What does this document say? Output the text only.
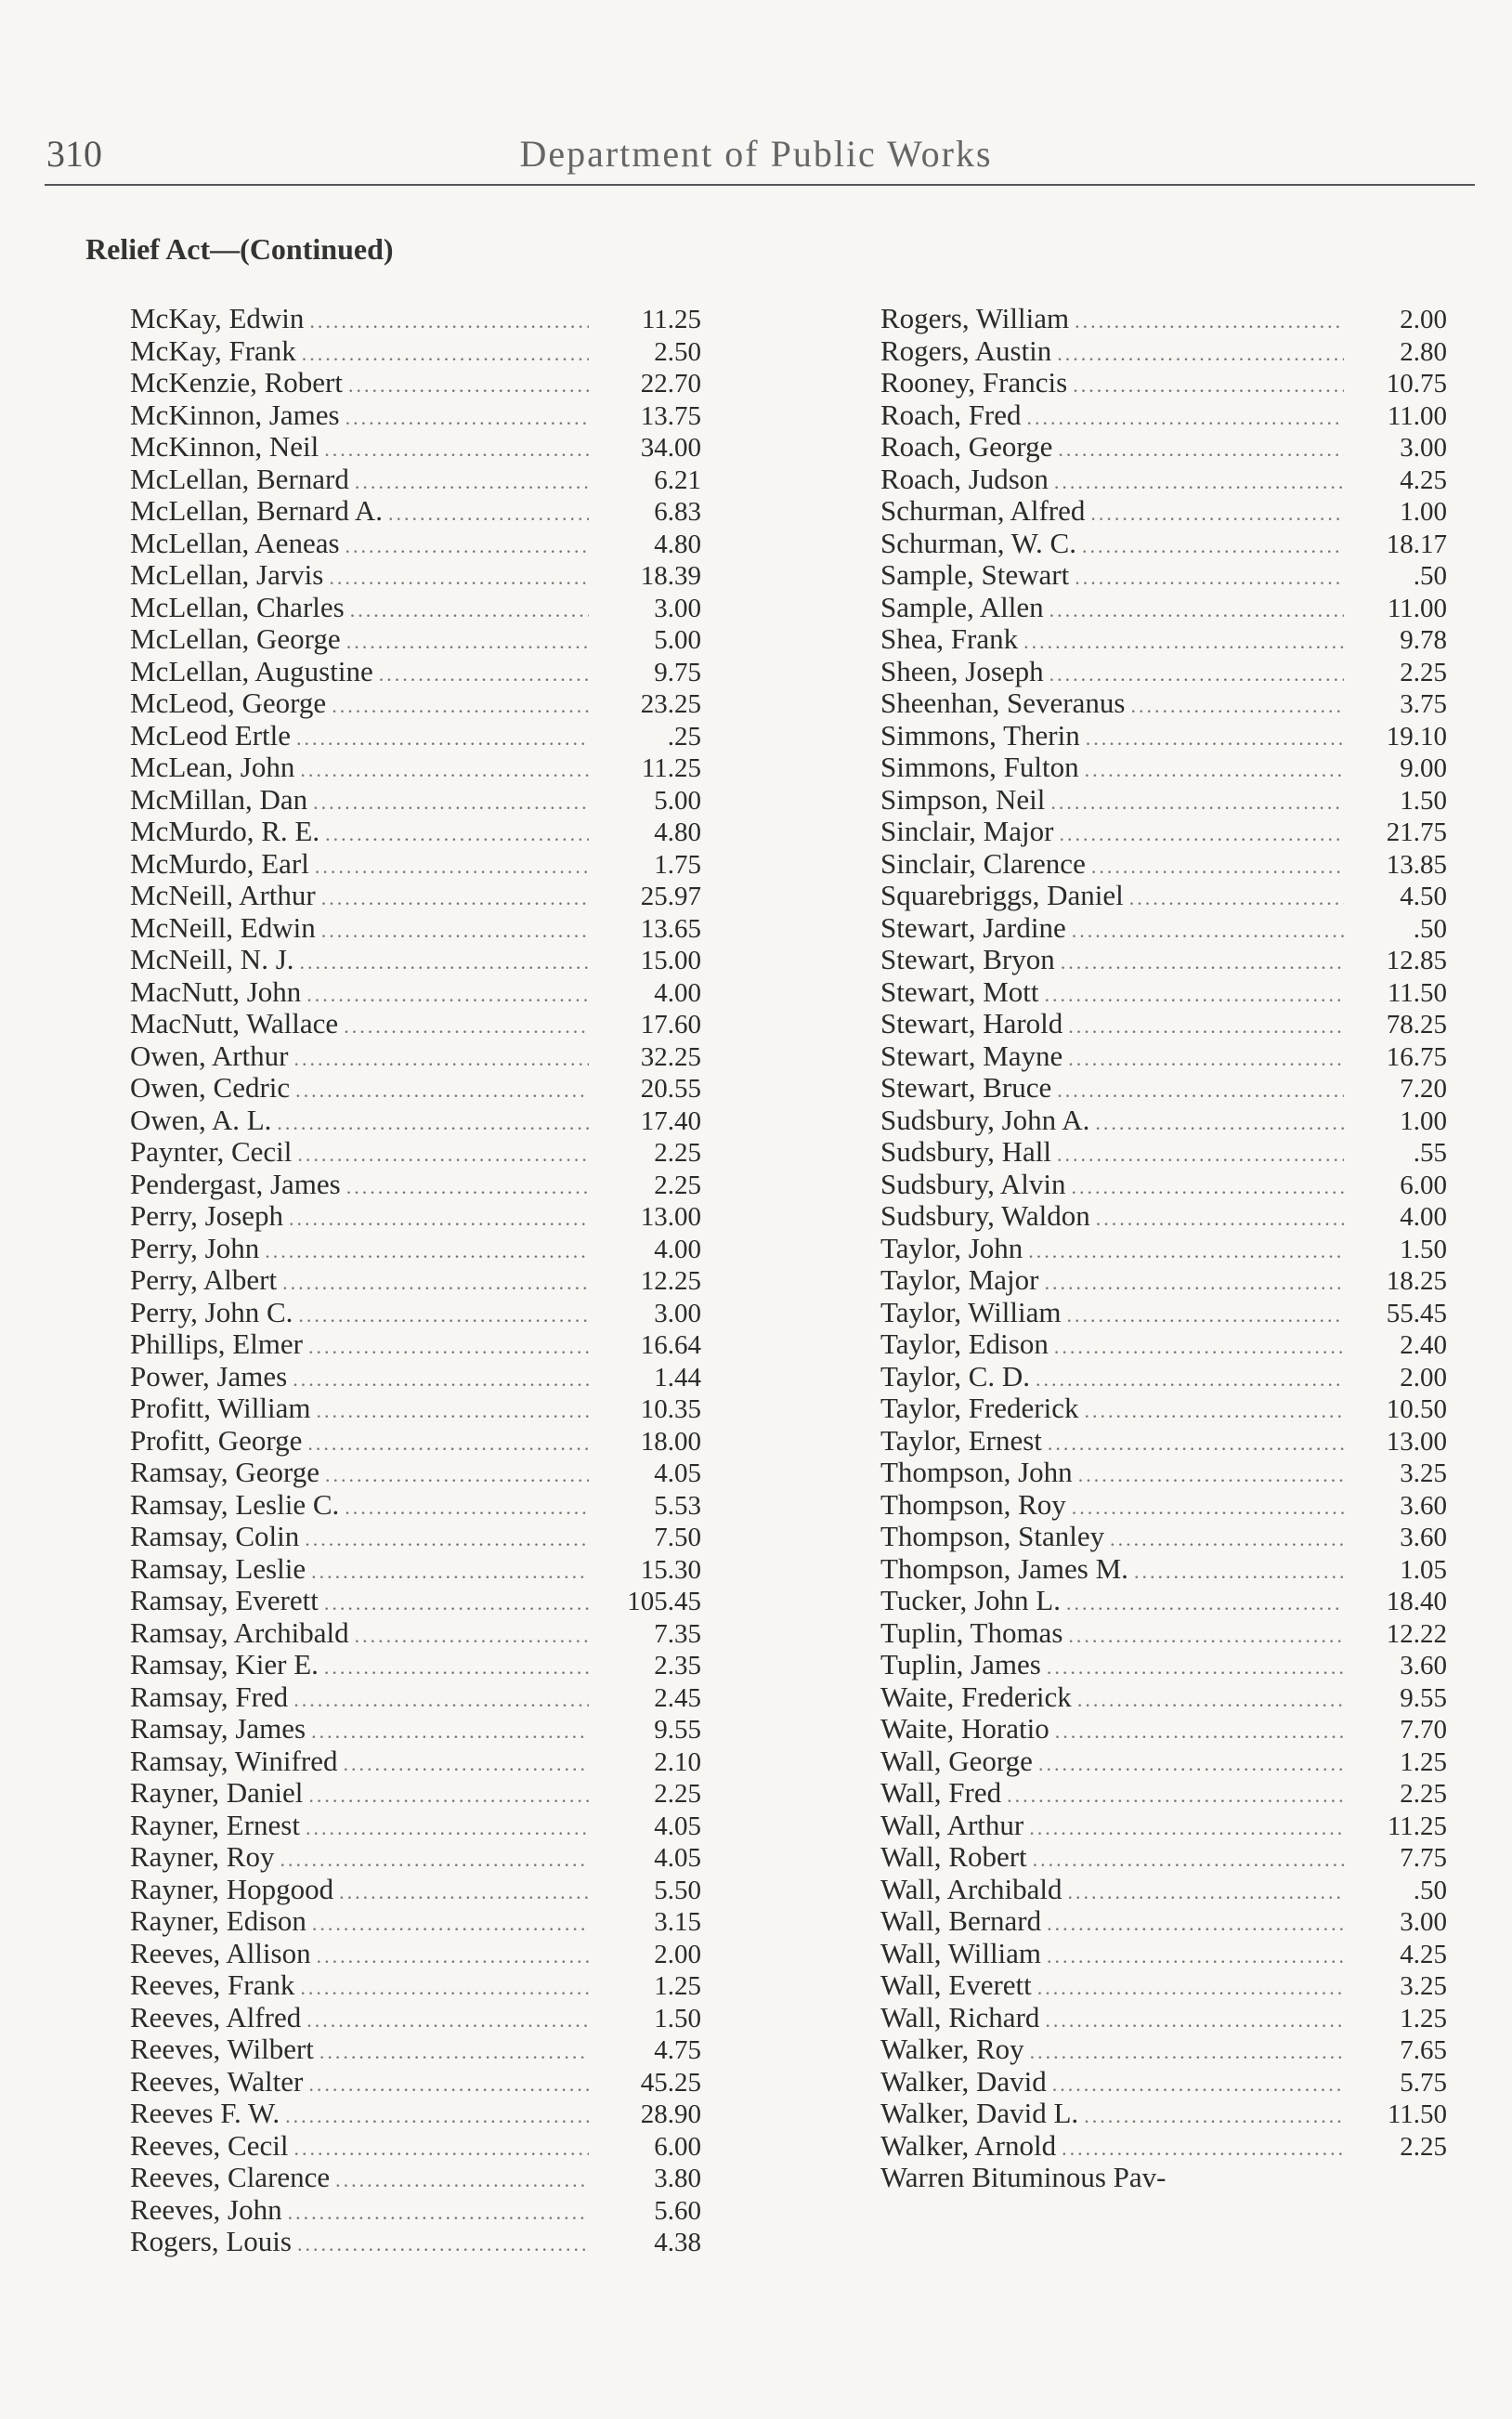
310	Department of Public Works
Relief Act—(Continued)
McKay, Edwin .....	11.25
McKay, Frank .....	2.50
McKenzie, Robert .....	22.70
McKinnon, James .....	13.75
McKinnon, Neil .....	34.00
McLellan, Bernard .....	6.21
McLellan, Bernard A. .....	6.83
McLellan, Aeneas .....	4.80
McLellan, Jarvis .....	18.39
McLellan, Charles .....	3.00
McLellan, George .....	5.00
McLellan, Augustine .....	9.75
McLeod, George .....	23.25
McLeod Ertle .....	.25
McLean, John .....	11.25
McMillan, Dan .....	5.00
McMurdo, R. E. .....	4.80
McMurdo, Earl .....	1.75
McNeill, Arthur .....	25.97
McNeill, Edwin .....	13.65
McNeill, N. J. .....	15.00
MacNutt, John .....	4.00
MacNutt, Wallace .....	17.60
Owen, Arthur .....	32.25
Owen, Cedric .....	20.55
Owen, A. L. .....	17.40
Paynter, Cecil .....	2.25
Pendergast, James .....	2.25
Perry, Joseph .....	13.00
Perry, John .....	4.00
Perry, Albert .....	12.25
Perry, John C. .....	3.00
Phillips, Elmer .....	16.64
Power, James .....	1.44
Profitt, William .....	10.35
Profitt, George .....	18.00
Ramsay, George .....	4.05
Ramsay, Leslie C. .....	5.53
Ramsay, Colin .....	7.50
Ramsay, Leslie .....	15.30
Ramsay, Everett .....	105.45
Ramsay, Archibald .....	7.35
Ramsay, Kier E. .....	2.35
Ramsay, Fred .....	2.45
Ramsay, James .....	9.55
Ramsay, Winifred .....	2.10
Rayner, Daniel .....	2.25
Rayner, Ernest .....	4.05
Rayner, Roy .....	4.05
Rayner, Hopgood .....	5.50
Rayner, Edison .....	3.15
Reeves, Allison .....	2.00
Reeves, Frank .....	1.25
Reeves, Alfred .....	1.50
Reeves, Wilbert .....	4.75
Reeves, Walter .....	45.25
Reeves F. W. .....	28.90
Reeves, Cecil .....	6.00
Reeves, Clarence .....	3.80
Reeves, John .....	5.60
Rogers, Louis .....	4.38
Rogers, William .....	2.00
Rogers, Austin .....	2.80
Rooney, Francis .....	10.75
Roach, Fred .....	11.00
Roach, George .....	3.00
Roach, Judson .....	4.25
Schurman, Alfred .....	1.00
Schurman, W. C. .....	18.17
Sample, Stewart .....	.50
Sample, Allen .....	11.00
Shea, Frank .....	9.78
Sheen, Joseph .....	2.25
Sheenhan, Severanus .....	3.75
Simmons, Therin .....	19.10
Simmons, Fulton .....	9.00
Simpson, Neil .....	1.50
Sinclair, Major .....	21.75
Sinclair, Clarence .....	13.85
Squarebriggs, Daniel .....	4.50
Stewart, Jardine .....	.50
Stewart, Bryon .....	12.85
Stewart, Mott .....	11.50
Stewart, Harold .....	78.25
Stewart, Mayne .....	16.75
Stewart, Bruce .....	7.20
Sudsbury, John A. .....	1.00
Sudsbury, Hall .....	.55
Sudsbury, Alvin .....	6.00
Sudsbury, Waldon .....	4.00
Taylor, John .....	1.50
Taylor, Major .....	18.25
Taylor, William .....	55.45
Taylor, Edison .....	2.40
Taylor, C. D. .....	2.00
Taylor, Frederick .....	10.50
Taylor, Ernest .....	13.00
Thompson, John .....	3.25
Thompson, Roy .....	3.60
Thompson, Stanley .....	3.60
Thompson, James M. .....	1.05
Tucker, John L. .....	18.40
Tuplin, Thomas .....	12.22
Tuplin, James .....	3.60
Waite, Frederick .....	9.55
Waite, Horatio .....	7.70
Wall, George .....	1.25
Wall, Fred .....	2.25
Wall, Arthur .....	11.25
Wall, Robert .....	7.75
Wall, Archibald .....	.50
Wall, Bernard .....	3.00
Wall, William .....	4.25
Wall, Everett .....	3.25
Wall, Richard .....	1.25
Walker, Roy .....	7.65
Walker, David .....	5.75
Walker, David L. .....	11.50
Walker, Arnold .....	2.25
Warren Bituminous Pav-
